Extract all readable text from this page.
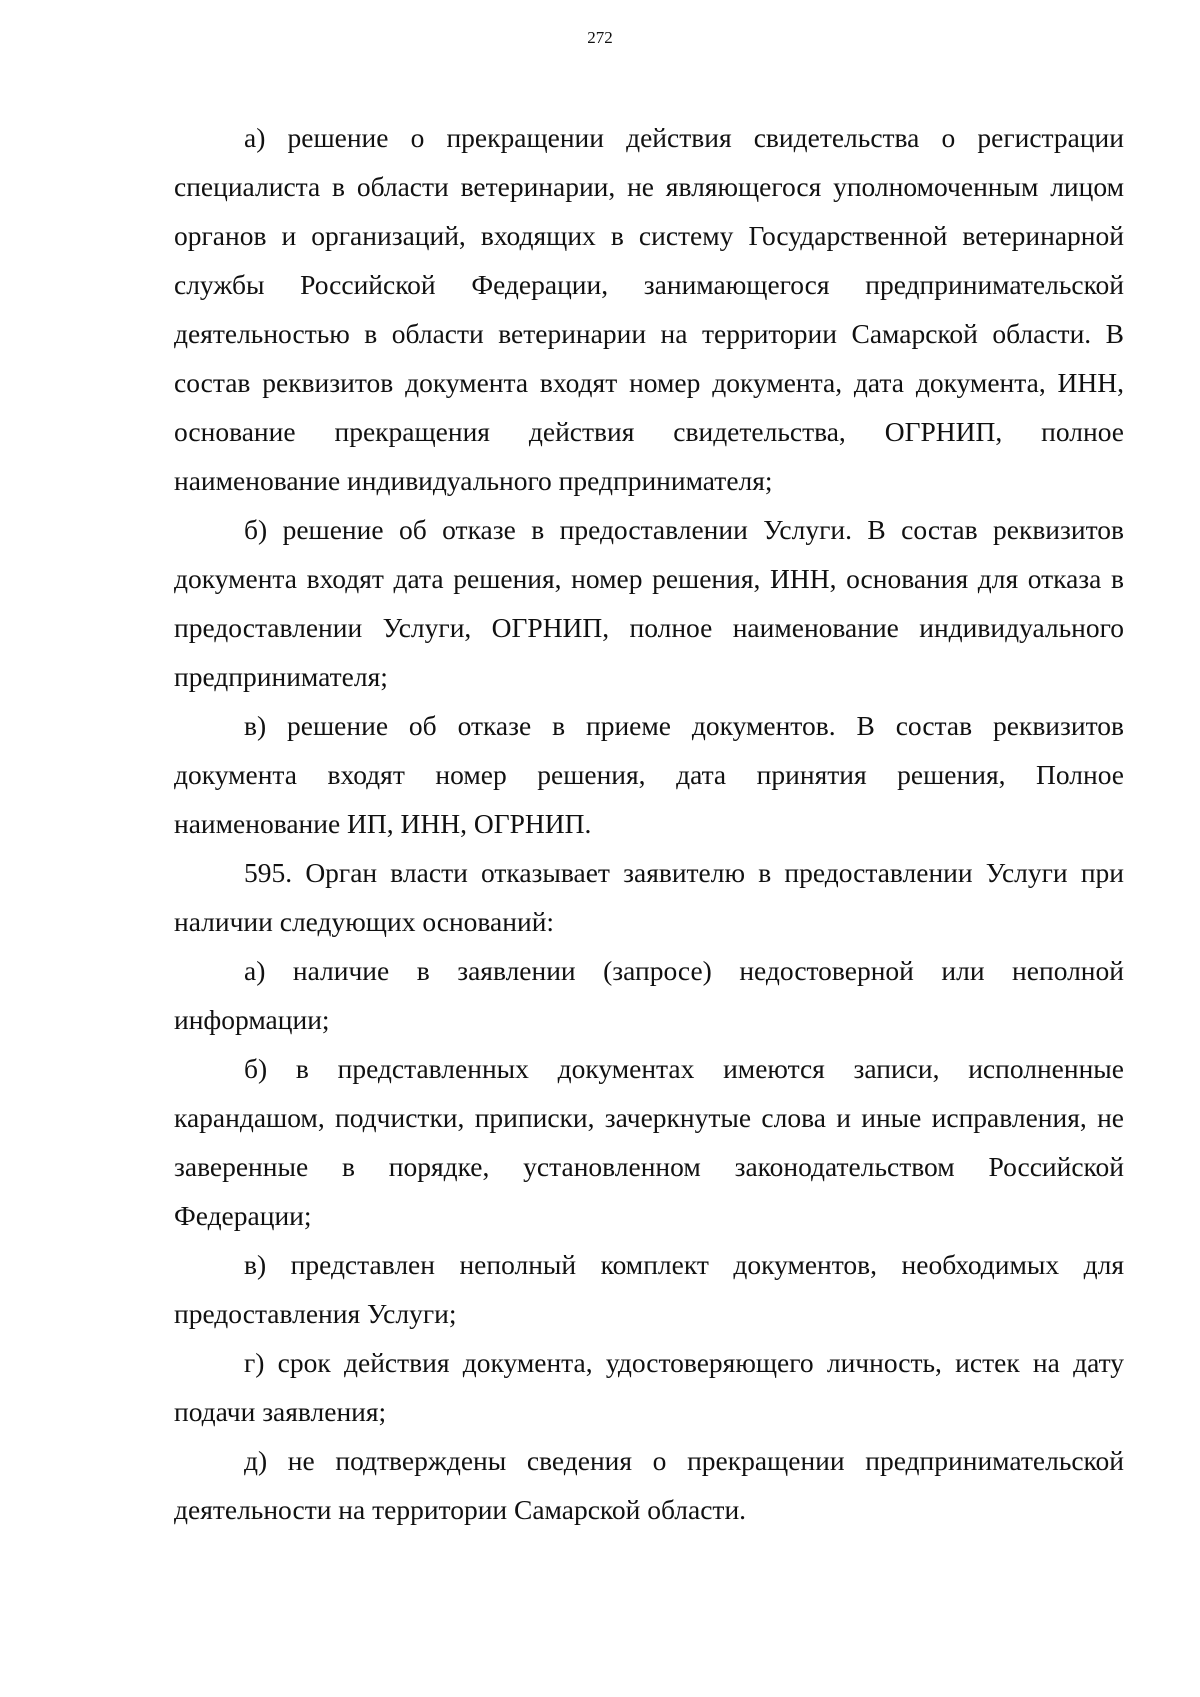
272

а) решение о прекращении действия свидетельства о регистрации специалиста в области ветеринарии, не являющегося уполномоченным лицом органов и организаций, входящих в систему Государственной ветеринарной службы Российской Федерации, занимающегося предпринимательской деятельностью в области ветеринарии на территории Самарской области. В состав реквизитов документа входят номер документа, дата документа, ИНН, основание прекращения действия свидетельства, ОГРНИП, полное наименование индивидуального предпринимателя;

б) решение об отказе в предоставлении Услуги. В состав реквизитов документа входят дата решения, номер решения, ИНН, основания для отказа в предоставлении Услуги, ОГРНИП, полное наименование индивидуального предпринимателя;

в) решение об отказе в приеме документов. В состав реквизитов документа входят номер решения, дата принятия решения, Полное наименование ИП, ИНН, ОГРНИП.

595. Орган власти отказывает заявителю в предоставлении Услуги при наличии следующих оснований:

а) наличие в заявлении (запросе) недостоверной или неполной информации;

б) в представленных документах имеются записи, исполненные карандашом, подчистки, приписки, зачеркнутые слова и иные исправления, не заверенные в порядке, установленном законодательством Российской Федерации;

в) представлен неполный комплект документов, необходимых для предоставления Услуги;

г) срок действия документа, удостоверяющего личность, истек на дату подачи заявления;

д) не подтверждены сведения о прекращении предпринимательской деятельности на территории Самарской области.
